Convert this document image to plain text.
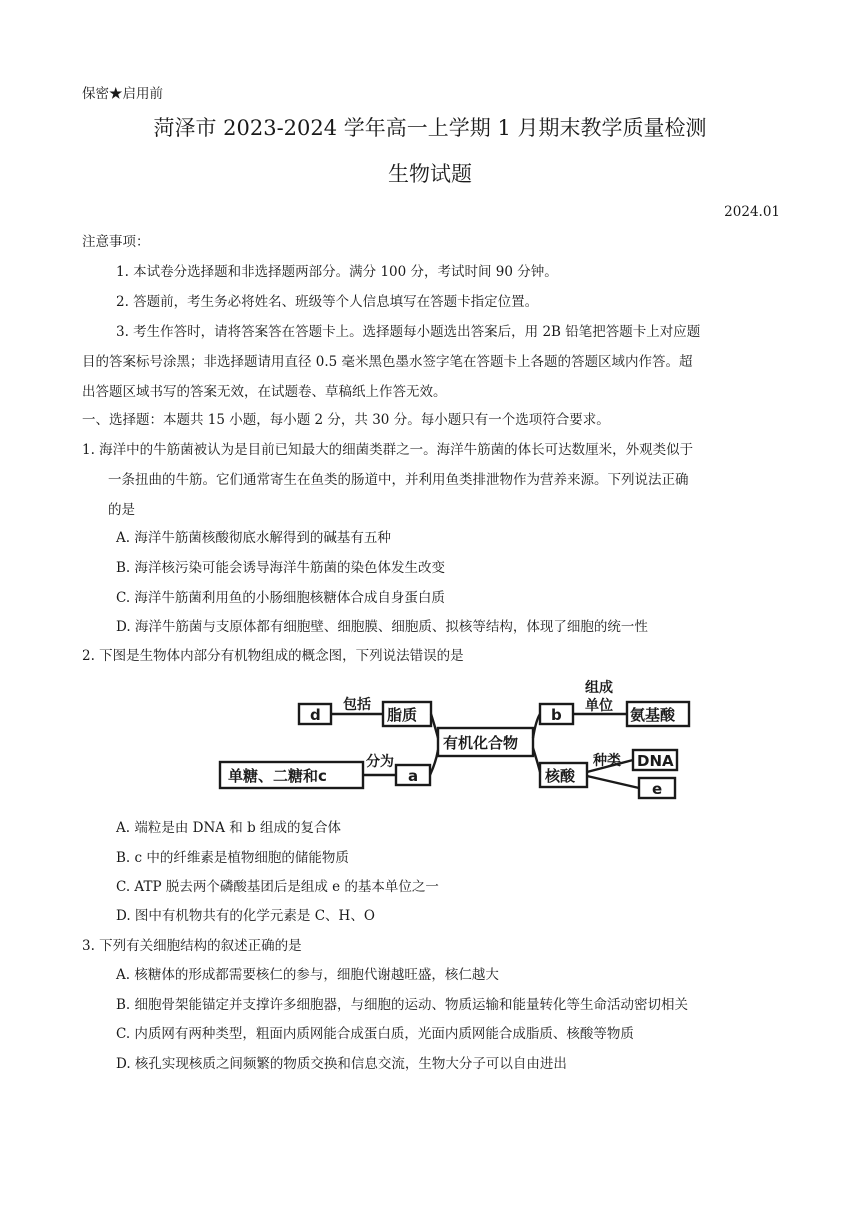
保密★启用前
菏泽市 2023-2024 学年高一上学期 1 月期末教学质量检测
生物试题
2024.01
注意事项：
1. 本试卷分选择题和非选择题两部分。满分 100 分，考试时间 90 分钟。
2. 答题前，考生务必将姓名、班级等个人信息填写在答题卡指定位置。
3. 考生作答时，请将答案答在答题卡上。选择题每小题选出答案后，用 2B 铅笔把答题卡上对应题
目的答案标号涂黑；非选择题请用直径 0.5 毫米黑色墨水签字笔在答题卡上各题的答题区域内作答。超
出答题区域书写的答案无效，在试题卷、草稿纸上作答无效。
一、选择题：本题共 15 小题，每小题 2 分，共 30 分。每小题只有一个选项符合要求。
1. 海洋中的牛筋菌被认为是目前已知最大的细菌类群之一。海洋牛筋菌的体长可达数厘米，外观类似于
一条扭曲的牛筋。它们通常寄生在鱼类的肠道中，并利用鱼类排泄物作为营养来源。下列说法正确
的是
A. 海洋牛筋菌核酸彻底水解得到的碱基有五种
B. 海洋核污染可能会诱导海洋牛筋菌的染色体发生改变
C. 海洋牛筋菌利用鱼的小肠细胞核糖体合成自身蛋白质
D. 海洋牛筋菌与支原体都有细胞壁、细胞膜、细胞质、拟核等结构，体现了细胞的统一性
2. 下图是生物体内部分有机物组成的概念图，下列说法错误的是
d
包括
脂质
有机化合物
b
组成
单位 氨基酸
单糖、二糖和c
分为
a	核酸
种类 DNA
e
A. 端粒是由 DNA 和 b 组成的复合体
B. c 中的纤维素是植物细胞的储能物质
C. ATP 脱去两个磷酸基团后是组成 e 的基本单位之一
D. 图中有机物共有的化学元素是 C、H、O
3. 下列有关细胞结构的叙述正确的是
A. 核糖体的形成都需要核仁的参与，细胞代谢越旺盛，核仁越大
B. 细胞骨架能锚定并支撑许多细胞器，与细胞的运动、物质运输和能量转化等生命活动密切相关
C. 内质网有两种类型，粗面内质网能合成蛋白质，光面内质网能合成脂质、核酸等物质
D. 核孔实现核质之间频繁的物质交换和信息交流，生物大分子可以自由进出
